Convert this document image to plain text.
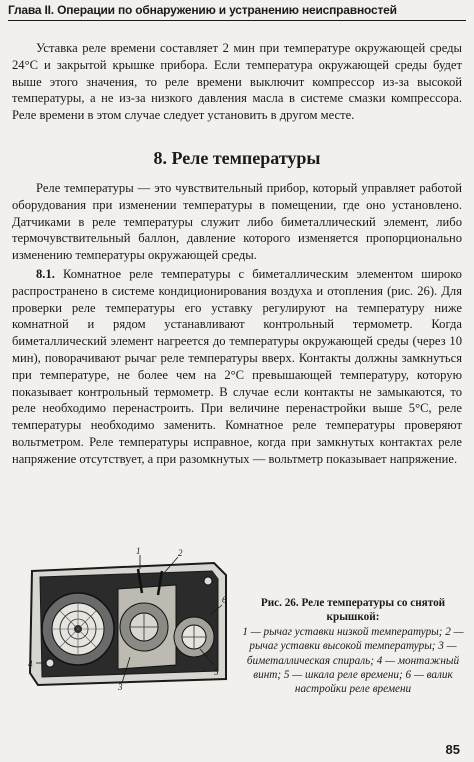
Глава II. Операции по обнаружению и устранению неисправностей
Уставка реле времени составляет 2 мин при температуре окружающей среды 24°С и закрытой крышке прибора. Если температура окружающей среды будет выше этого значения, то реле времени выключит компрессор из-за высокой температуры, а не из-за низкого давления масла в системе смазки компрессора. Реле времени в этом случае следует установить в другом месте.
8. Реле температуры
Реле температуры — это чувствительный прибор, который управляет работой оборудования при изменении температуры в помещении, где оно установлено. Датчиками в реле температуры служит либо биметаллический элемент, либо термочувствительный баллон, давление которого изменяется пропорционально изменению температуры окружающей среды.
8.1. Комнатное реле температуры с биметаллическим элементом широко распространено в системе кондиционирования воздуха и отопления (рис. 26). Для проверки реле температуры его уставку регулируют на температуру ниже комнатной и рядом устанавливают контрольный термометр. Когда биметаллический элемент нагреется до температуры окружающей среды (через 10 мин), поворачивают рычаг реле температуры вверх. Контакты должны замкнуться при температуре, не более чем на 2°С превышающей температуру, которую показывает контрольный термометр. В случае если контакты не замыкаются, то реле необходимо перенастроить. При величине перенастройки выше 5°С, реле температуры необходимо заменить. Комнатное реле температуры проверяют вольтметром. Реле температуры исправное, когда при замкнутых контактах реле напряжение отсутствует, а при разомкнутых — вольтметр показывает напряжение.
1	2
3
4
5
6	Рис. 26. Реле температуры со снятой крышкой:
1 — рычаг уставки низкой температуры; 2 — рычаг уставки высокой температуры; 3 — биметаллическая спираль; 4 — монтажный винт; 5 — шкала реле времени; 6 — валик настройки реле времени
85
